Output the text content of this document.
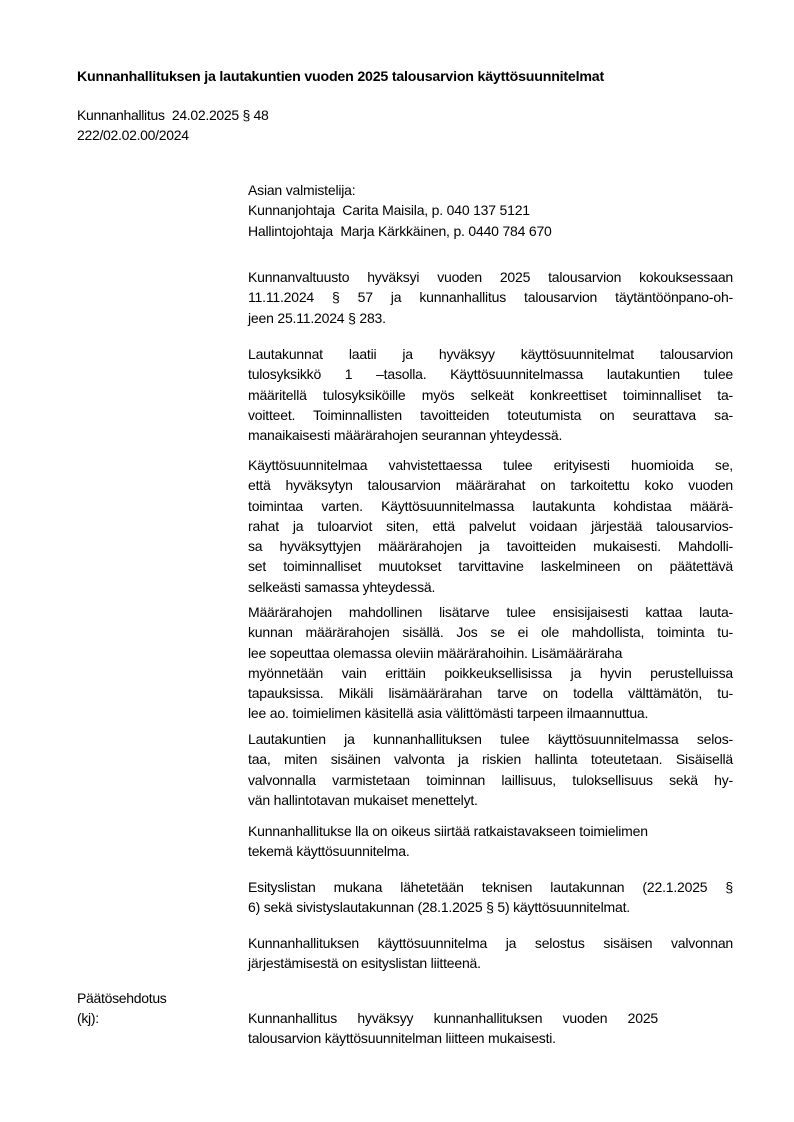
Kunnanhallituksen ja lautakuntien vuoden 2025 talousarvion käyttösuunnitelmat
Kunnanhallitus  24.02.2025 § 48
222/02.02.00/2024
Asian valmistelija:
Kunnanjohtaja  Carita Maisila, p. 040 137 5121
Hallintojohtaja  Marja Kärkkäinen, p. 0440 784 670
Kunnanvaltuusto hyväksyi vuoden 2025 talousarvion kokouksessaan
11.11.2024 § 57 ja kunnanhallitus talousarvion täytäntöönpano-oh-
jeen 25.11.2024 § 283.
Lautakunnat laatii ja hyväksyy käyttösuunnitelmat talousarvion
tulosyksikkö 1 –tasolla. Käyttösuunnitelmassa lautakuntien tulee
määritellä tulosyksiköille myös selkeät konkreettiset toiminnalliset ta-
voitteet. Toiminnallisten tavoitteiden toteutumista on seurattava sa-
manaikaisesti määrärahojen seurannan yhteydessä.
Käyttösuunnitelmaa vahvistettaessa tulee erityisesti huomioida se,
että hyväksytyn talousarvion määrärahat on tarkoitettu koko vuoden
toimintaa varten. Käyttösuunnitelmassa lautakunta kohdistaa määrä-
rahat ja tuloarviot siten, että palvelut voidaan järjestää talousarvios-
sa hyväksyttyjen määrärahojen ja tavoitteiden mukaisesti. Mahdolli-
set toiminnalliset muutokset tarvittavine laskelmineen on päätettävä
selkeästi samassa yhteydessä.
Määrärahojen mahdollinen lisätarve tulee ensisijaisesti kattaa lauta-
kunnan määrärahojen sisällä. Jos se ei ole mahdollista, toiminta tu-
lee sopeuttaa olemassa oleviin määrärahoihin. Lisämääräraha
myönnetään vain erittäin poikkeuksellisissa ja hyvin perustelluissa
tapauksissa. Mikäli lisämäärärahan tarve on todella välttämätön, tu-
lee ao. toimielimen käsitellä asia välittömästi tarpeen ilmaannuttua.
Lautakuntien ja kunnanhallituksen tulee käyttösuunnitelmassa selos-
taa, miten sisäinen valvonta ja riskien hallinta toteutetaan. Sisäisellä
valvonnalla varmistetaan toiminnan laillisuus, tuloksellisuus sekä hy-
vän hallintotavan mukaiset menettelyt.
Kunnanhallitukse lla on oikeus siirtää ratkaistavakseen toimielimen
tekemä käyttösuunnitelma.
Esityslistan mukana lähetetään teknisen lautakunnan (22.1.2025 §
6) sekä sivistyslautakunnan (28.1.2025 § 5) käyttösuunnitelmat.
Kunnanhallituksen käyttösuunnitelma ja selostus sisäisen valvonnan
järjestämisestä on esityslistan liitteenä.
Päätösehdotus
(kj):	Kunnanhallitus hyväksyy kunnanhallituksen vuoden 2025
talousarvion käyttösuunnitelman liitteen mukaisesti.
